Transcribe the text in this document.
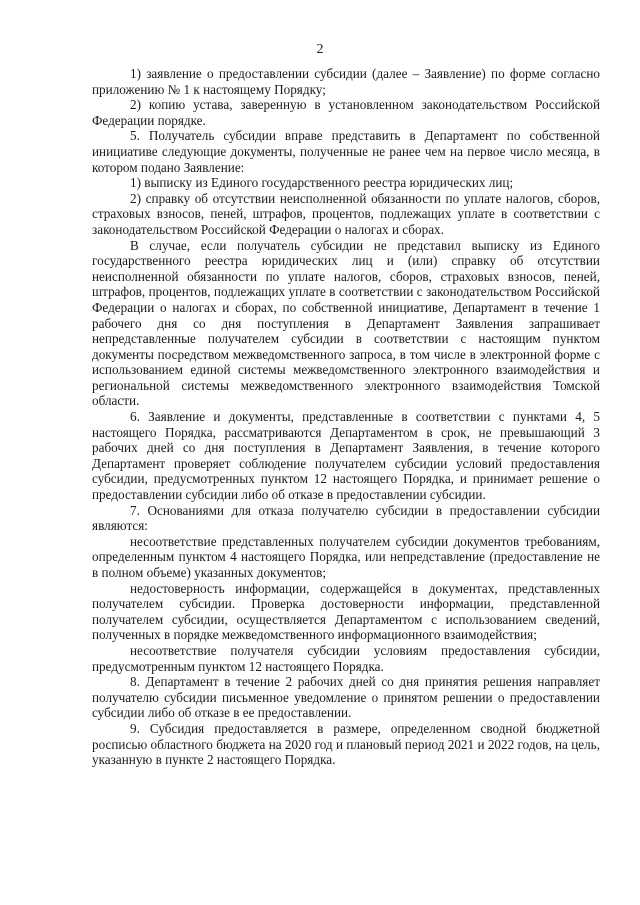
2

1) заявление о предоставлении субсидии (далее – Заявление) по форме согласно приложению № 1 к настоящему Порядку;

2) копию устава, заверенную в установленном законодательством Российской Федерации порядке.

5. Получатель субсидии вправе представить в Департамент по собственной инициативе следующие документы, полученные не ранее чем на первое число месяца, в котором подано Заявление:

1) выписку из Единого государственного реестра юридических лиц;

2) справку об отсутствии неисполненной обязанности по уплате налогов, сборов, страховых взносов, пеней, штрафов, процентов, подлежащих уплате в соответствии с законодательством Российской Федерации о налогах и сборах.

В случае, если получатель субсидии не представил выписку из Единого государственного реестра юридических лиц и (или) справку об отсутствии неисполненной обязанности по уплате налогов, сборов, страховых взносов, пеней, штрафов, процентов, подлежащих уплате в соответствии с законодательством Российской Федерации о налогах и сборах, по собственной инициативе, Департамент в течение 1 рабочего дня со дня поступления в Департамент Заявления запрашивает непредставленные получателем субсидии в соответствии с настоящим пунктом документы посредством межведомственного запроса, в том числе в электронной форме с использованием единой системы межведомственного электронного взаимодействия и региональной системы межведомственного электронного взаимодействия Томской области.

6. Заявление и документы, представленные в соответствии с пунктами 4, 5 настоящего Порядка, рассматриваются Департаментом в срок, не превышающий 3 рабочих дней со дня поступления в Департамент Заявления, в течение которого Департамент проверяет соблюдение получателем субсидии условий предоставления субсидии, предусмотренных пунктом 12 настоящего Порядка, и принимает решение о предоставлении субсидии либо об отказе в предоставлении субсидии.

7. Основаниями для отказа получателю субсидии в предоставлении субсидии являются:

несоответствие представленных получателем субсидии документов требованиям, определенным пунктом 4 настоящего Порядка, или непредставление (предоставление не в полном объеме) указанных документов;

недостоверность информации, содержащейся в документах, представленных получателем субсидии. Проверка достоверности информации, представленной получателем субсидии, осуществляется Департаментом с использованием сведений, полученных в порядке межведомственного информационного взаимодействия;

несоответствие получателя субсидии условиям предоставления субсидии, предусмотренным пунктом 12 настоящего Порядка.

8. Департамент в течение 2 рабочих дней со дня принятия решения направляет получателю субсидии письменное уведомление о принятом решении о предоставлении субсидии либо об отказе в ее предоставлении.

9. Субсидия предоставляется в размере, определенном сводной бюджетной росписью областного бюджета на 2020 год и плановый период 2021 и 2022 годов, на цель, указанную в пункте 2 настоящего Порядка.
